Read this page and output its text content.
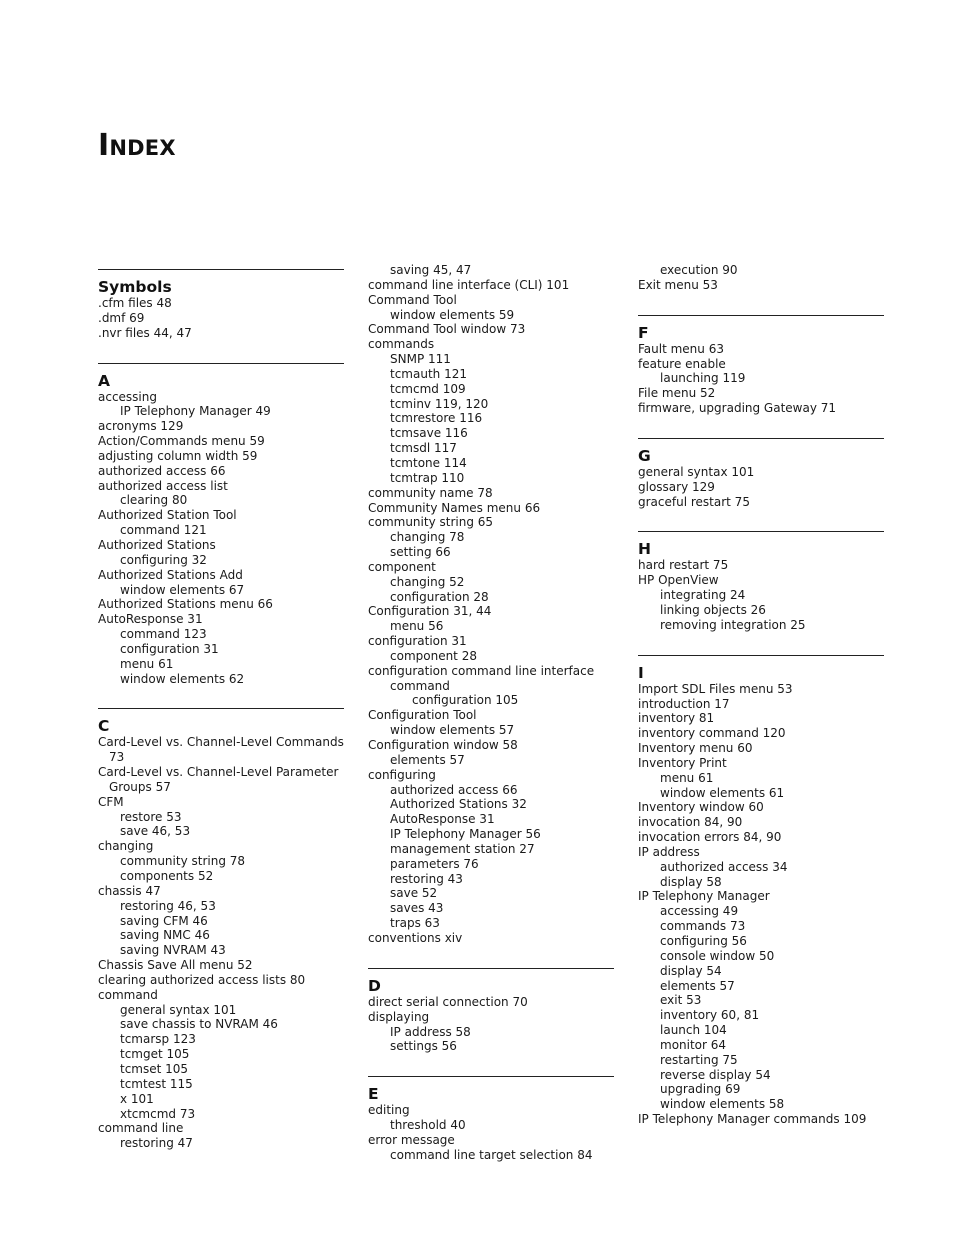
Index
Symbols
.cfm files 48
.dmf 69
.nvr files 44, 47
A
accessing
IP Telephony Manager 49
acronyms 129
Action/Commands menu 59
adjusting column width 59
authorized access 66
authorized access list
clearing 80
Authorized Station Tool
command 121
Authorized Stations
configuring 32
Authorized Stations Add
window elements 67
Authorized Stations menu 66
AutoResponse 31
command 123
configuration 31
menu 61
window elements 62
C
Card-Level vs. Channel-Level Commands 73
Card-Level vs. Channel-Level Parameter Groups 57
CFM
restore 53
save 46, 53
changing
community string 78
components 52
chassis 47
restoring 46, 53
saving CFM 46
saving NMC 46
saving NVRAM 43
Chassis Save All menu 52
clearing authorized access lists 80
command
general syntax 101
save chassis to NVRAM 46
tcmarsp 123
tcmget 105
tcmset 105
tcmtest 115
x 101
xtcmcmd 73
command line
restoring 47
saving 45, 47
command line interface (CLI) 101
Command Tool
window elements 59
Command Tool window 73
commands
SNMP 111
tcmauth 121
tcmcmd 109
tcminv 119, 120
tcmrestore 116
tcmsave 116
tcmsdl 117
tcmtone 114
tcmtrap 110
community name 78
Community Names menu 66
community string 65
changing 78
setting 66
component
changing 52
configuration 28
Configuration 31, 44
menu 56
configuration 31
component 28
configuration command line interface
command
configuration 105
Configuration Tool
window elements 57
Configuration window 58
elements 57
configuring
authorized access 66
Authorized Stations 32
AutoResponse 31
IP Telephony Manager 56
management station 27
parameters 76
restoring 43
save 52
saves 43
traps 63
conventions xiv
D
direct serial connection 70
displaying
IP address 58
settings 56
E
editing
threshold 40
error message
command line target selection 84
execution 90
Exit menu 53
F
Fault menu 63
feature enable
launching 119
File menu 52
firmware, upgrading Gateway 71
G
general syntax 101
glossary 129
graceful restart 75
H
hard restart 75
HP OpenView
integrating 24
linking objects 26
removing integration 25
I
Import SDL Files menu 53
introduction 17
inventory 81
inventory command 120
Inventory menu 60
Inventory Print
menu 61
window elements 61
Inventory window 60
invocation 84, 90
invocation errors 84, 90
IP address
authorized access 34
display 58
IP Telephony Manager
accessing 49
commands 73
configuring 56
console window 50
display 54
elements 57
exit 53
inventory 60, 81
launch 104
monitor 64
restarting 75
reverse display 54
upgrading 69
window elements 58
IP Telephony Manager commands 109
